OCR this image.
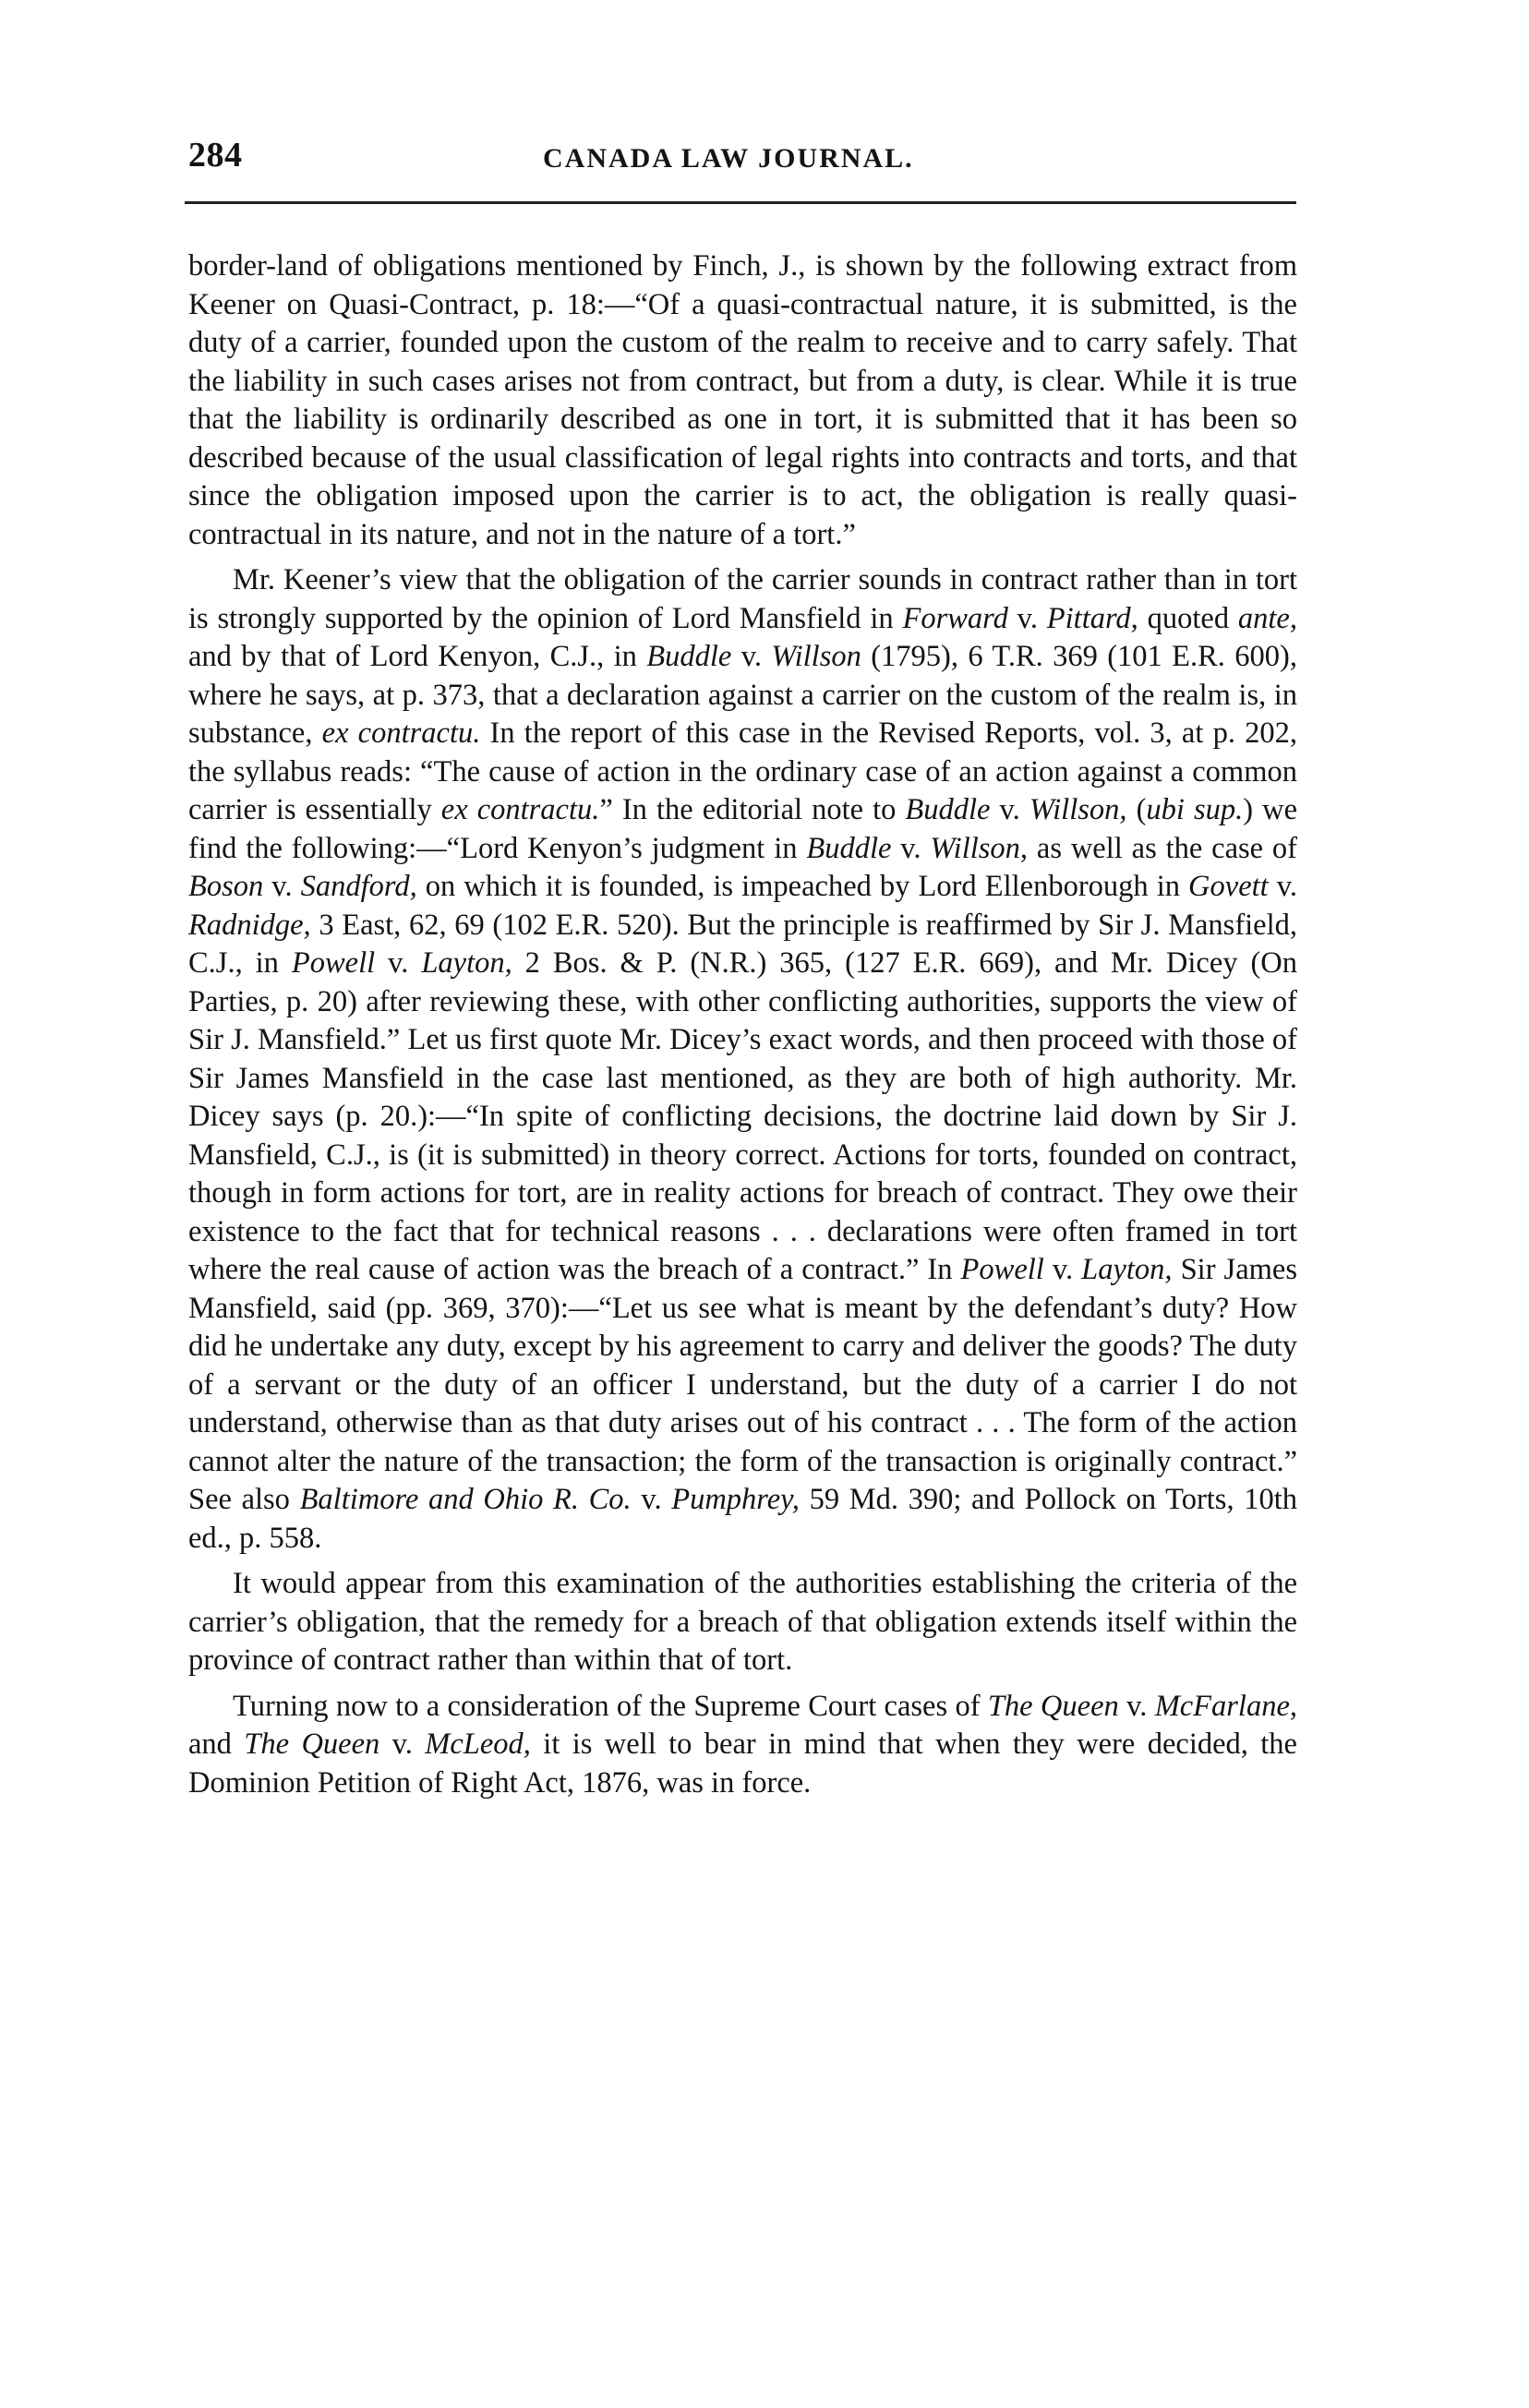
284	CANADA LAW JOURNAL.

border-land of obligations mentioned by Finch, J., is shown by the following extract from Keener on Quasi-Contract, p. 18:—“Of a quasi-contractual nature, it is submitted, is the duty of a carrier, founded upon the custom of the realm to receive and to carry safely. That the liability in such cases arises not from contract, but from a duty, is clear. While it is true that the liability is ordinarily described as one in tort, it is submitted that it has been so described because of the usual classification of legal rights into contracts and torts, and that since the obligation imposed upon the carrier is to act, the obligation is really quasi-contractual in its nature, and not in the nature of a tort.”

Mr. Keener’s view that the obligation of the carrier sounds in contract rather than in tort is strongly supported by the opinion of Lord Mansfield in Forward v. Pittard, quoted ante, and by that of Lord Kenyon, C.J., in Buddle v. Willson (1795), 6 T.R. 369 (101 E.R. 600), where he says, at p. 373, that a declaration against a carrier on the custom of the realm is, in substance, ex contractu. In the report of this case in the Revised Reports, vol. 3, at p. 202, the syllabus reads: “The cause of action in the ordinary case of an action against a common carrier is essentially ex contractu.” In the editorial note to Buddle v. Willson, (ubi sup.) we find the following:—“Lord Kenyon’s judgment in Buddle v. Willson, as well as the case of Boson v. Sandford, on which it is founded, is impeached by Lord Ellenborough in Govett v. Radnidge, 3 East, 62, 69 (102 E.R. 520). But the principle is reaffirmed by Sir J. Mansfield, C.J., in Powell v. Layton, 2 Bos. & P. (N.R.) 365, (127 E.R. 669), and Mr. Dicey (On Parties, p. 20) after reviewing these, with other conflicting authorities, supports the view of Sir J. Mansfield.” Let us first quote Mr. Dicey’s exact words, and then proceed with those of Sir James Mansfield in the case last mentioned, as they are both of high authority. Mr. Dicey says (p. 20.):—“In spite of conflicting decisions, the doctrine laid down by Sir J. Mansfield, C.J., is (it is submitted) in theory correct. Actions for torts, founded on contract, though in form actions for tort, are in reality actions for breach of contract. They owe their existence to the fact that for technical reasons . . . declarations were often framed in tort where the real cause of action was the breach of a contract.” In Powell v. Layton, Sir James Mansfield, said (pp. 369, 370):—“Let us see what is meant by the defendant’s duty? How did he undertake any duty, except by his agreement to carry and deliver the goods? The duty of a servant or the duty of an officer I understand, but the duty of a carrier I do not understand, otherwise than as that duty arises out of his contract . . . The form of the action cannot alter the nature of the transaction; the form of the transaction is originally contract.” See also Baltimore and Ohio R. Co. v. Pumphrey, 59 Md. 390; and Pollock on Torts, 10th ed., p. 558.

It would appear from this examination of the authorities establishing the criteria of the carrier’s obligation, that the remedy for a breach of that obligation extends itself within the province of contract rather than within that of tort.

Turning now to a consideration of the Supreme Court cases of The Queen v. McFarlane, and The Queen v. McLeod, it is well to bear in mind that when they were decided, the Dominion Petition of Right Act, 1876, was in force.
